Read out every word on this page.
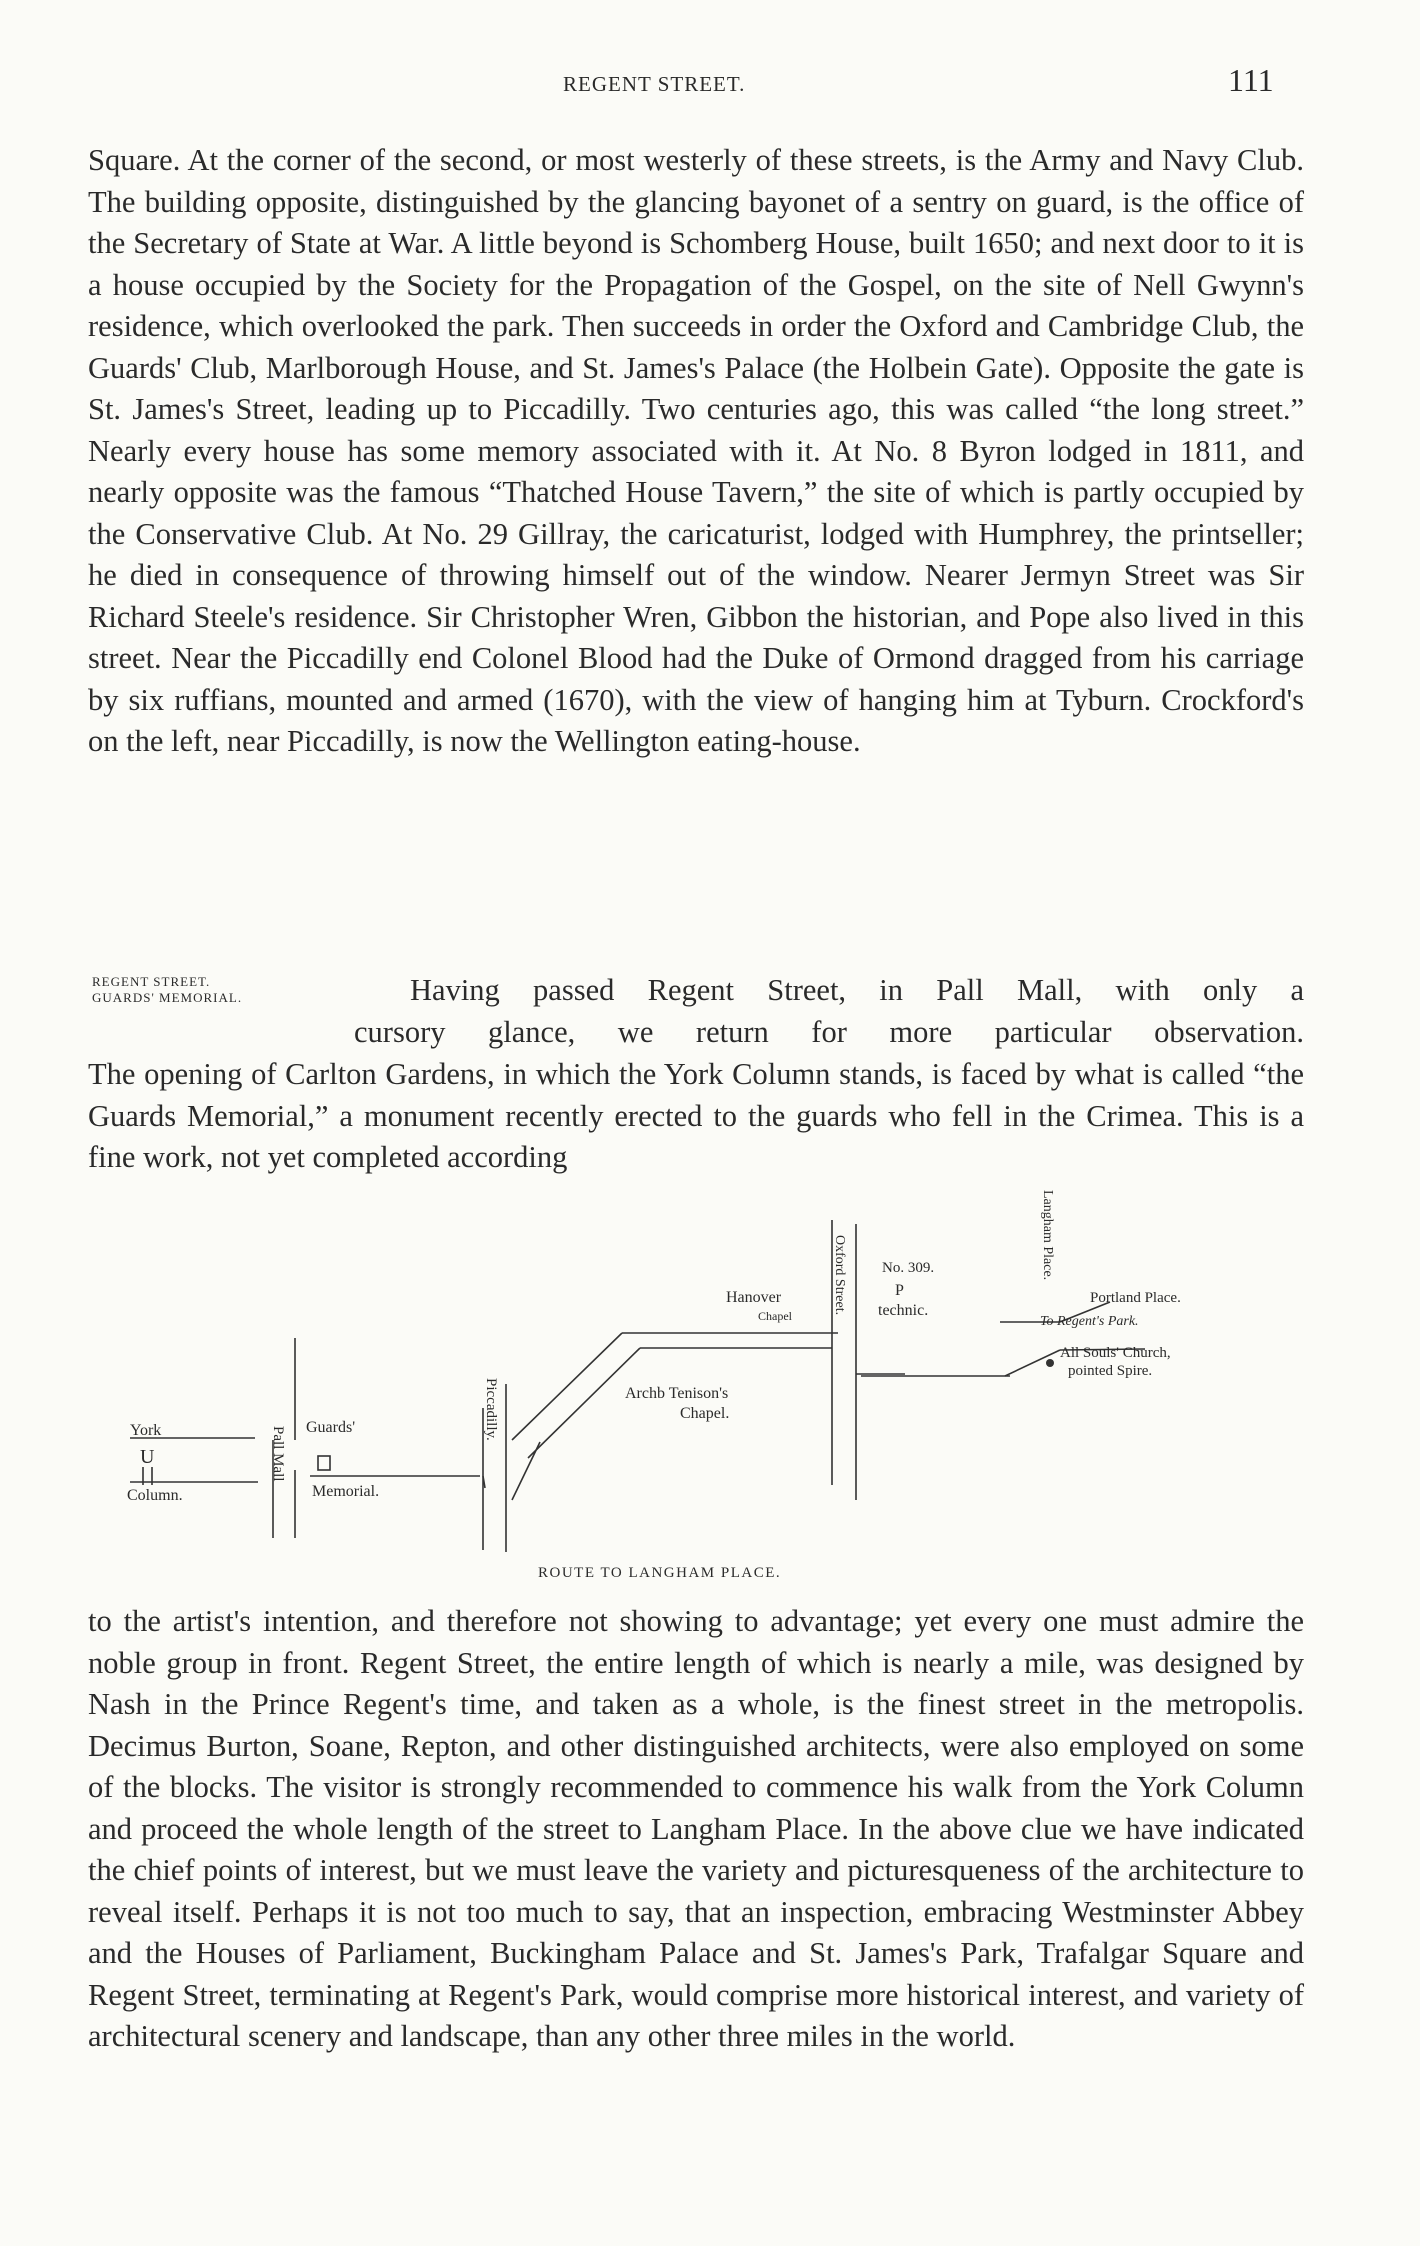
REGENT STREET.	111

Square. At the corner of the second, or most westerly of these streets, is the Army and Navy Club. The building opposite, distinguished by the glancing bayonet of a sentry on guard, is the office of the Secretary of State at War. A little beyond is Schomberg House, built 1650; and next door to it is a house occupied by the Society for the Propagation of the Gospel, on the site of Nell Gwynn's residence, which overlooked the park. Then succeeds in order the Oxford and Cambridge Club, the Guards' Club, Marlborough House, and St. James's Palace (the Holbein Gate). Opposite the gate is St. James's Street, leading up to Piccadilly. Two centuries ago, this was called “the long street.” Nearly every house has some memory associated with it. At No. 8 Byron lodged in 1811, and nearly opposite was the famous “Thatched House Tavern,” the site of which is partly occupied by the Conservative Club. At No. 29 Gillray, the caricaturist, lodged with Humphrey, the printseller; he died in consequence of throwing himself out of the window. Nearer Jermyn Street was Sir Richard Steele's residence. Sir Christopher Wren, Gibbon the historian, and Pope also lived in this street. Near the Piccadilly end Colonel Blood had the Duke of Ormond dragged from his carriage by six ruffians, mounted and armed (1670), with the view of hanging him at Tyburn. Crockford's on the left, near Piccadilly, is now the Wellington eating-house.

REGENT STREET.
GUARDS' MEMORIAL.	Having passed Regent Street, in Pall Mall, with only a

cursory glance, we return for more particular observation.

The opening of Carlton Gardens, in which the York Column stands, is faced by what is called “the Guards Memorial,” a monument recently erected to the guards who fell in the Crimea. This is a fine work, not yet completed according

York
Column.
U	Pall Mall Guards'
Memorial.
Piccadilly.	Archb Tenison's
Chapel.
Hanover
Chapel
Oxford Street. No. 309.
P
technic.
Langham Place.
Portland Place.
To Regent's Park.
All Souls' Church,
pointed Spire.
ROUTE TO LANGHAM PLACE.

to the artist's intention, and therefore not showing to advantage; yet every one must admire the noble group in front. Regent Street, the entire length of which is nearly a mile, was designed by Nash in the Prince Regent's time, and taken as a whole, is the finest street in the metropolis. Decimus Burton, Soane, Repton, and other distinguished architects, were also employed on some of the blocks. The visitor is strongly recommended to commence his walk from the York Column and proceed the whole length of the street to Langham Place. In the above clue we have indicated the chief points of interest, but we must leave the variety and picturesqueness of the architecture to reveal itself. Perhaps it is not too much to say, that an inspection, embracing Westminster Abbey and the Houses of Parliament, Buckingham Palace and St. James's Park, Trafalgar Square and Regent Street, terminating at Regent's Park, would comprise more historical interest, and variety of architectural scenery and landscape, than any other three miles in the world.
